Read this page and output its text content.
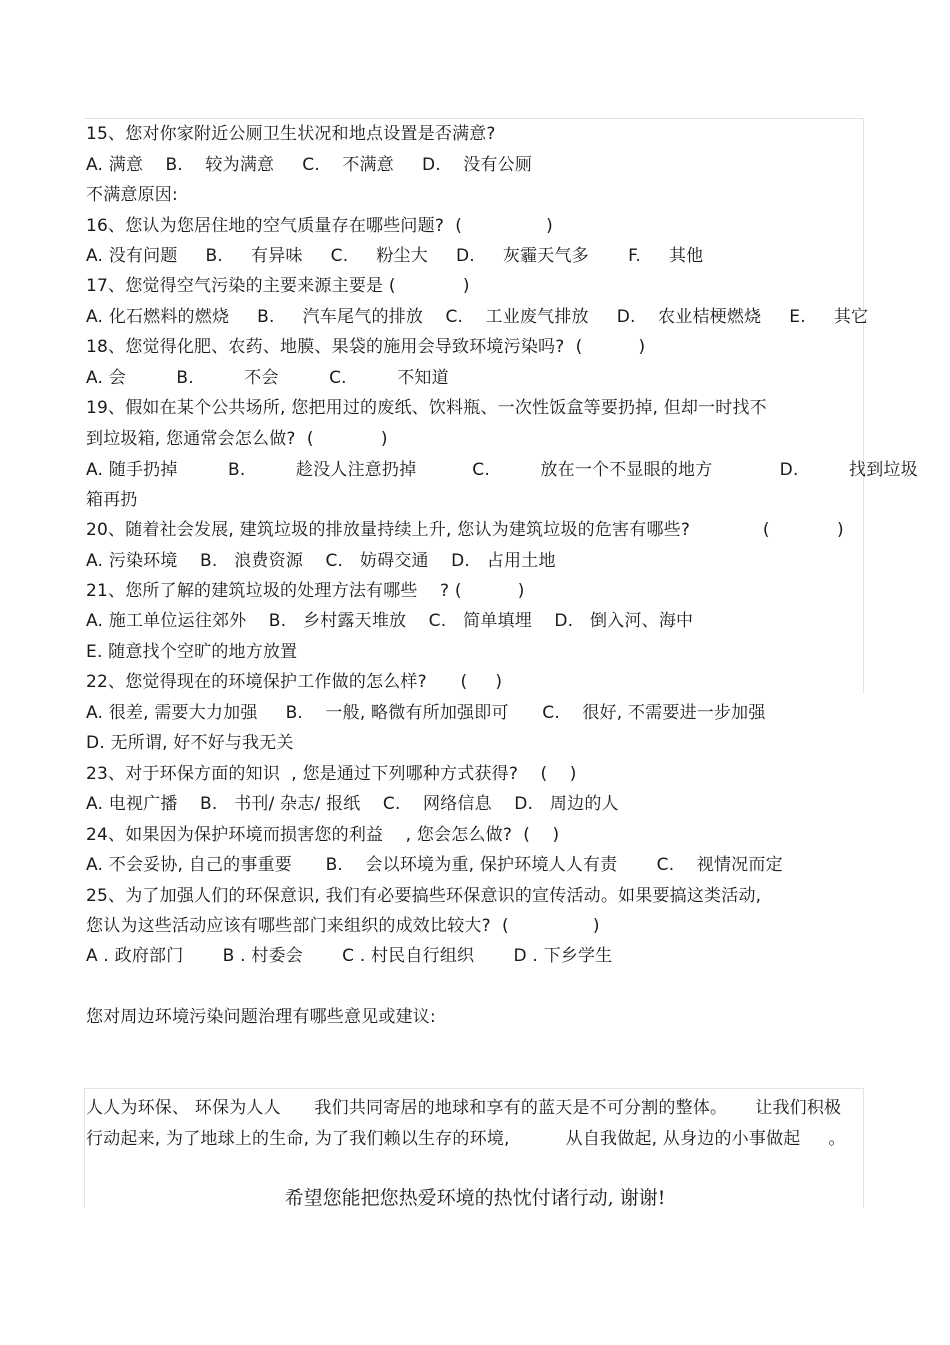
15、您对你家附近公厕卫生状况和地点设置是否满意?
A. 满意    B.    较为满意     C.    不满意     D.    没有公厕
不满意原因:
16、您认为您居住地的空气质量存在哪些问题?  (               )
A. 没有问题     B.     有异味     C.     粉尘大     D.     灰霾天气多       F.     其他
17、您觉得空气污染的主要来源主要是 (            )
A. 化石燃料的燃烧     B.     汽车尾气的排放    C.    工业废气排放     D.    农业桔梗燃烧     E.     其它
18、您觉得化肥、农药、地膜、果袋的施用会导致环境污染吗?  (          )
A. 会         B.         不会         C.         不知道
19、假如在某个公共场所, 您把用过的废纸、饮料瓶、一次性饭盒等要扔掉, 但却一时找不
到垃圾箱, 您通常会怎么做?  (            )
A. 随手扔掉         B.         趁没人注意扔掉          C.         放在一个不显眼的地方            D.         找到垃圾
箱再扔
20、随着社会发展, 建筑垃圾的排放量持续上升, 您认为建筑垃圾的危害有哪些?             (            )
A. 污染环境    B.   浪费资源    C.   妨碍交通    D.   占用土地
21、您所了解的建筑垃圾的处理方法有哪些    ? (          )
A. 施工单位运往郊外    B.   乡村露天堆放    C.   简单填埋    D.   倒入河、海中
E. 随意找个空旷的地方放置
22、您觉得现在的环境保护工作做的怎么样?      (     )
A. 很差, 需要大力加强     B.    一般, 略微有所加强即可      C.    很好, 不需要进一步加强
D. 无所谓, 好不好与我无关
23、对于环保方面的知识  , 您是通过下列哪种方式获得?    (    )
A. 电视广播    B.   书刊/ 杂志/ 报纸    C.    网络信息    D.   周边的人
24、如果因为保护环境而损害您的利益    , 您会怎么做?  (    )
A. 不会妥协, 自己的事重要      B.    会以环境为重, 保护环境人人有责       C.    视情况而定
25、为了加强人们的环保意识, 我们有必要搞些环保意识的宣传活动。如果要搞这类活动,
您认为这些活动应该有哪些部门来组织的成效比较大?  (               )
A . 政府部门       B . 村委会       C . 村民自行组织       D . 下乡学生
您对周边环境污染问题治理有哪些意见或建议:
人人为环保、 环保为人人      我们共同寄居的地球和享有的蓝天是不可分割的整体。     让我们积极
行动起来, 为了地球上的生命, 为了我们赖以生存的环境,          从自我做起, 从身边的小事做起     。
希望您能把您热爱环境的热忱付诸行动, 谢谢!
